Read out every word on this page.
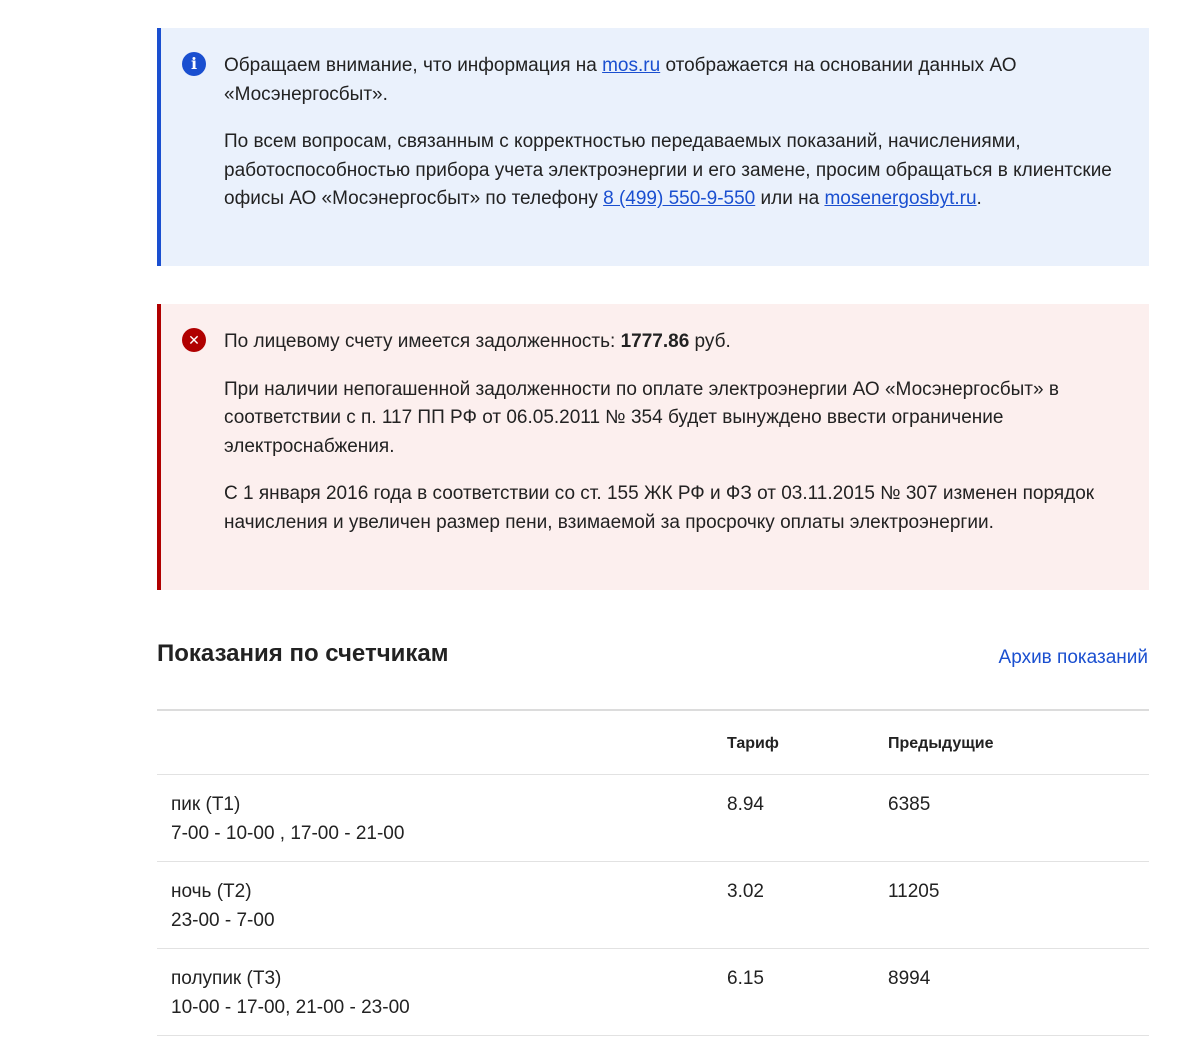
i	Обращаем внимание, что информация на mos.ru отображается на основании данных АО «Мосэнергосбыт».

По всем вопросам, связанным с корректностью передаваемых показаний, начислениями, работоспособностью прибора учета электроэнергии и его замене, просим обращаться в клиентские офисы АО «Мосэнергосбыт» по телефону 8 (499) 550-9-550 или на mosenergosbyt.ru.

✕	По лицевому счету имеется задолженность: 1777.86 руб.

При наличии непогашенной задолженности по оплате электроэнергии АО «Мосэнергосбыт» в соответствии с п. 117 ПП РФ от 06.05.2011 № 354 будет вынуждено ввести ограничение электроснабжения.

С 1 января 2016 года в соответствии со ст. 155 ЖК РФ и ФЗ от 03.11.2015 № 307 изменен порядок начисления и увеличен размер пени, взимаемой за просрочку оплаты электроэнергии.

Показания по счетчикам	Архив показаний
Тариф	Предыдущие
пик (Т1)
7-00 - 10-00 , 17-00 - 21-00
8.94	6385
ночь (Т2)
23-00 - 7-00
3.02	11205
полупик (Т3)
10-00 - 17-00, 21-00 - 23-00
6.15	8994
